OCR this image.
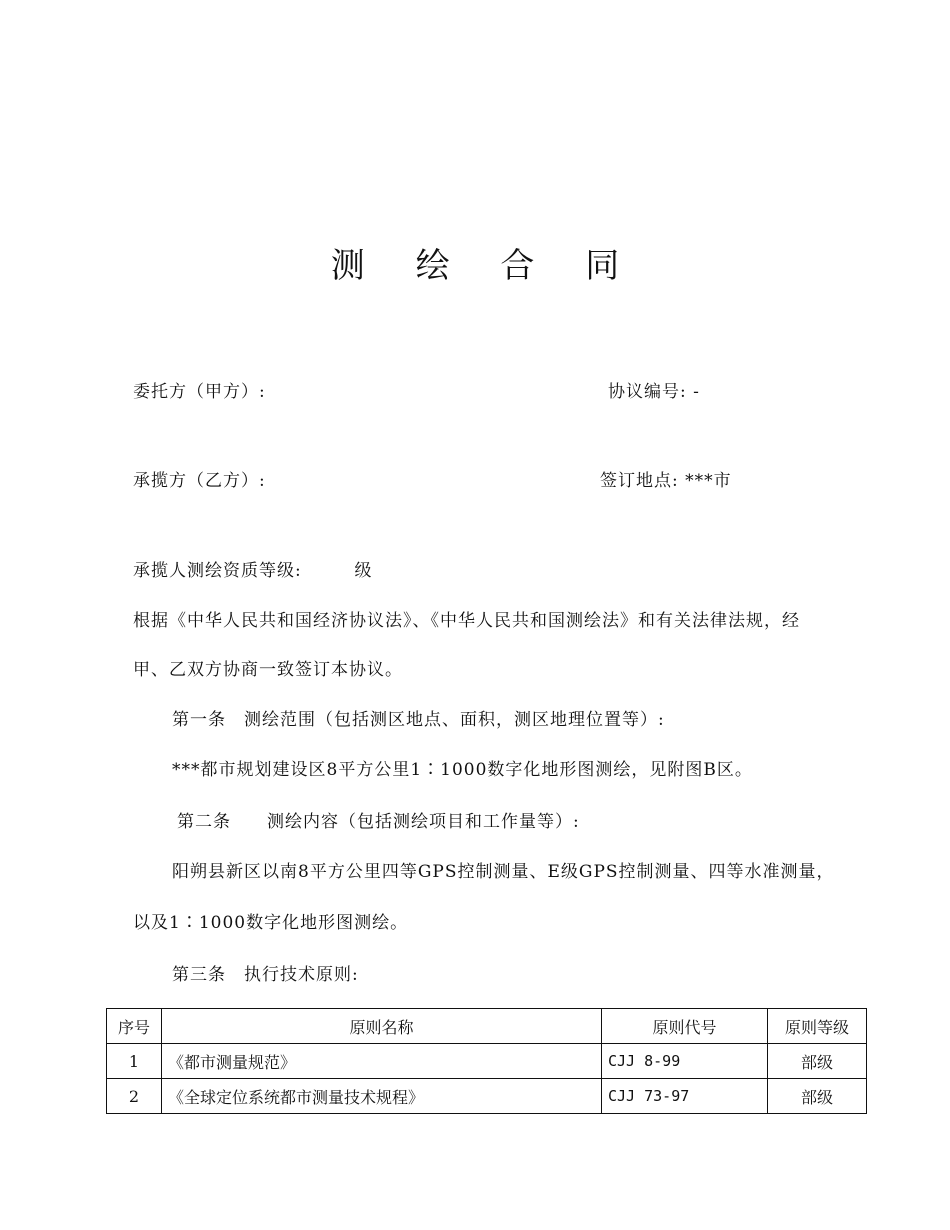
测 绘 合 同
委托方（甲方）:	协议编号: -
承揽方（乙方）:	签订地点: ***市
承揽人测绘资质等级:	级
根据《中华人民共和国经济协议法》、《中华人民共和国测绘法》和有关法律法规，经
甲、乙双方协商一致签订本协议。
第一条　测绘范围（包括测区地点、面积，测区地理位置等）:
***都市规划建设区8平方公里1∶1000数字化地形图测绘，见附图B区。
第二条　　测绘内容（包括测绘项目和工作量等）:
阳朔县新区以南8平方公里四等GPS控制测量、E级GPS控制测量、四等水准测量，
以及1∶1000数字化地形图测绘。
第三条　执行技术原则:
序号	原则名称	原则代号	原则等级
1	《都市测量规范》	CJJ 8-99	部级
2	《全球定位系统都市测量技术规程》	CJJ 73-97	部级
